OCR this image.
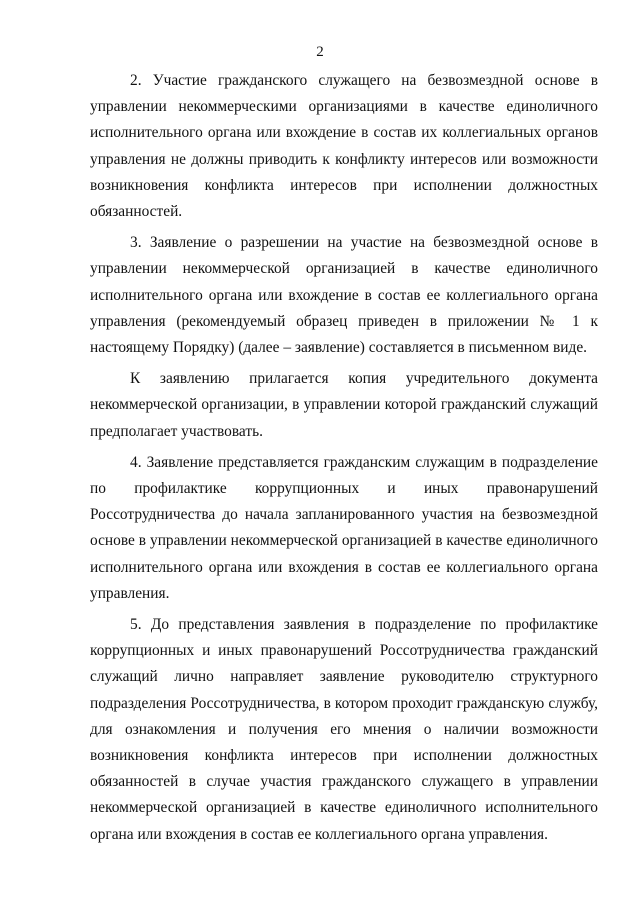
2

2. Участие гражданского служащего на безвозмездной основе в управлении некоммерческими организациями в качестве единоличного исполнительного органа или вхождение в состав их коллегиальных органов управления не должны приводить к конфликту интересов или возможности возникновения конфликта интересов при исполнении должностных обязанностей.

3. Заявление о разрешении на участие на безвозмездной основе в управлении некоммерческой организацией в качестве единоличного исполнительного органа или вхождение в состав ее коллегиального органа управления (рекомендуемый образец приведен в приложении № 1 к настоящему Порядку) (далее – заявление) составляется в письменном виде.

К заявлению прилагается копия учредительного документа некоммерческой организации, в управлении которой гражданский служащий предполагает участвовать.

4. Заявление представляется гражданским служащим в подразделение по профилактике коррупционных и иных правонарушений Россотрудничества до начала запланированного участия на безвозмездной основе в управлении некоммерческой организацией в качестве единоличного исполнительного органа или вхождения в состав ее коллегиального органа управления.

5. До представления заявления в подразделение по профилактике коррупционных и иных правонарушений Россотрудничества гражданский служащий лично направляет заявление руководителю структурного подразделения Россотрудничества, в котором проходит гражданскую службу, для ознакомления и получения его мнения о наличии возможности возникновения конфликта интересов при исполнении должностных обязанностей в случае участия гражданского служащего в управлении некоммерческой организацией в качестве единоличного исполнительного органа или вхождения в состав ее коллегиального органа управления.
